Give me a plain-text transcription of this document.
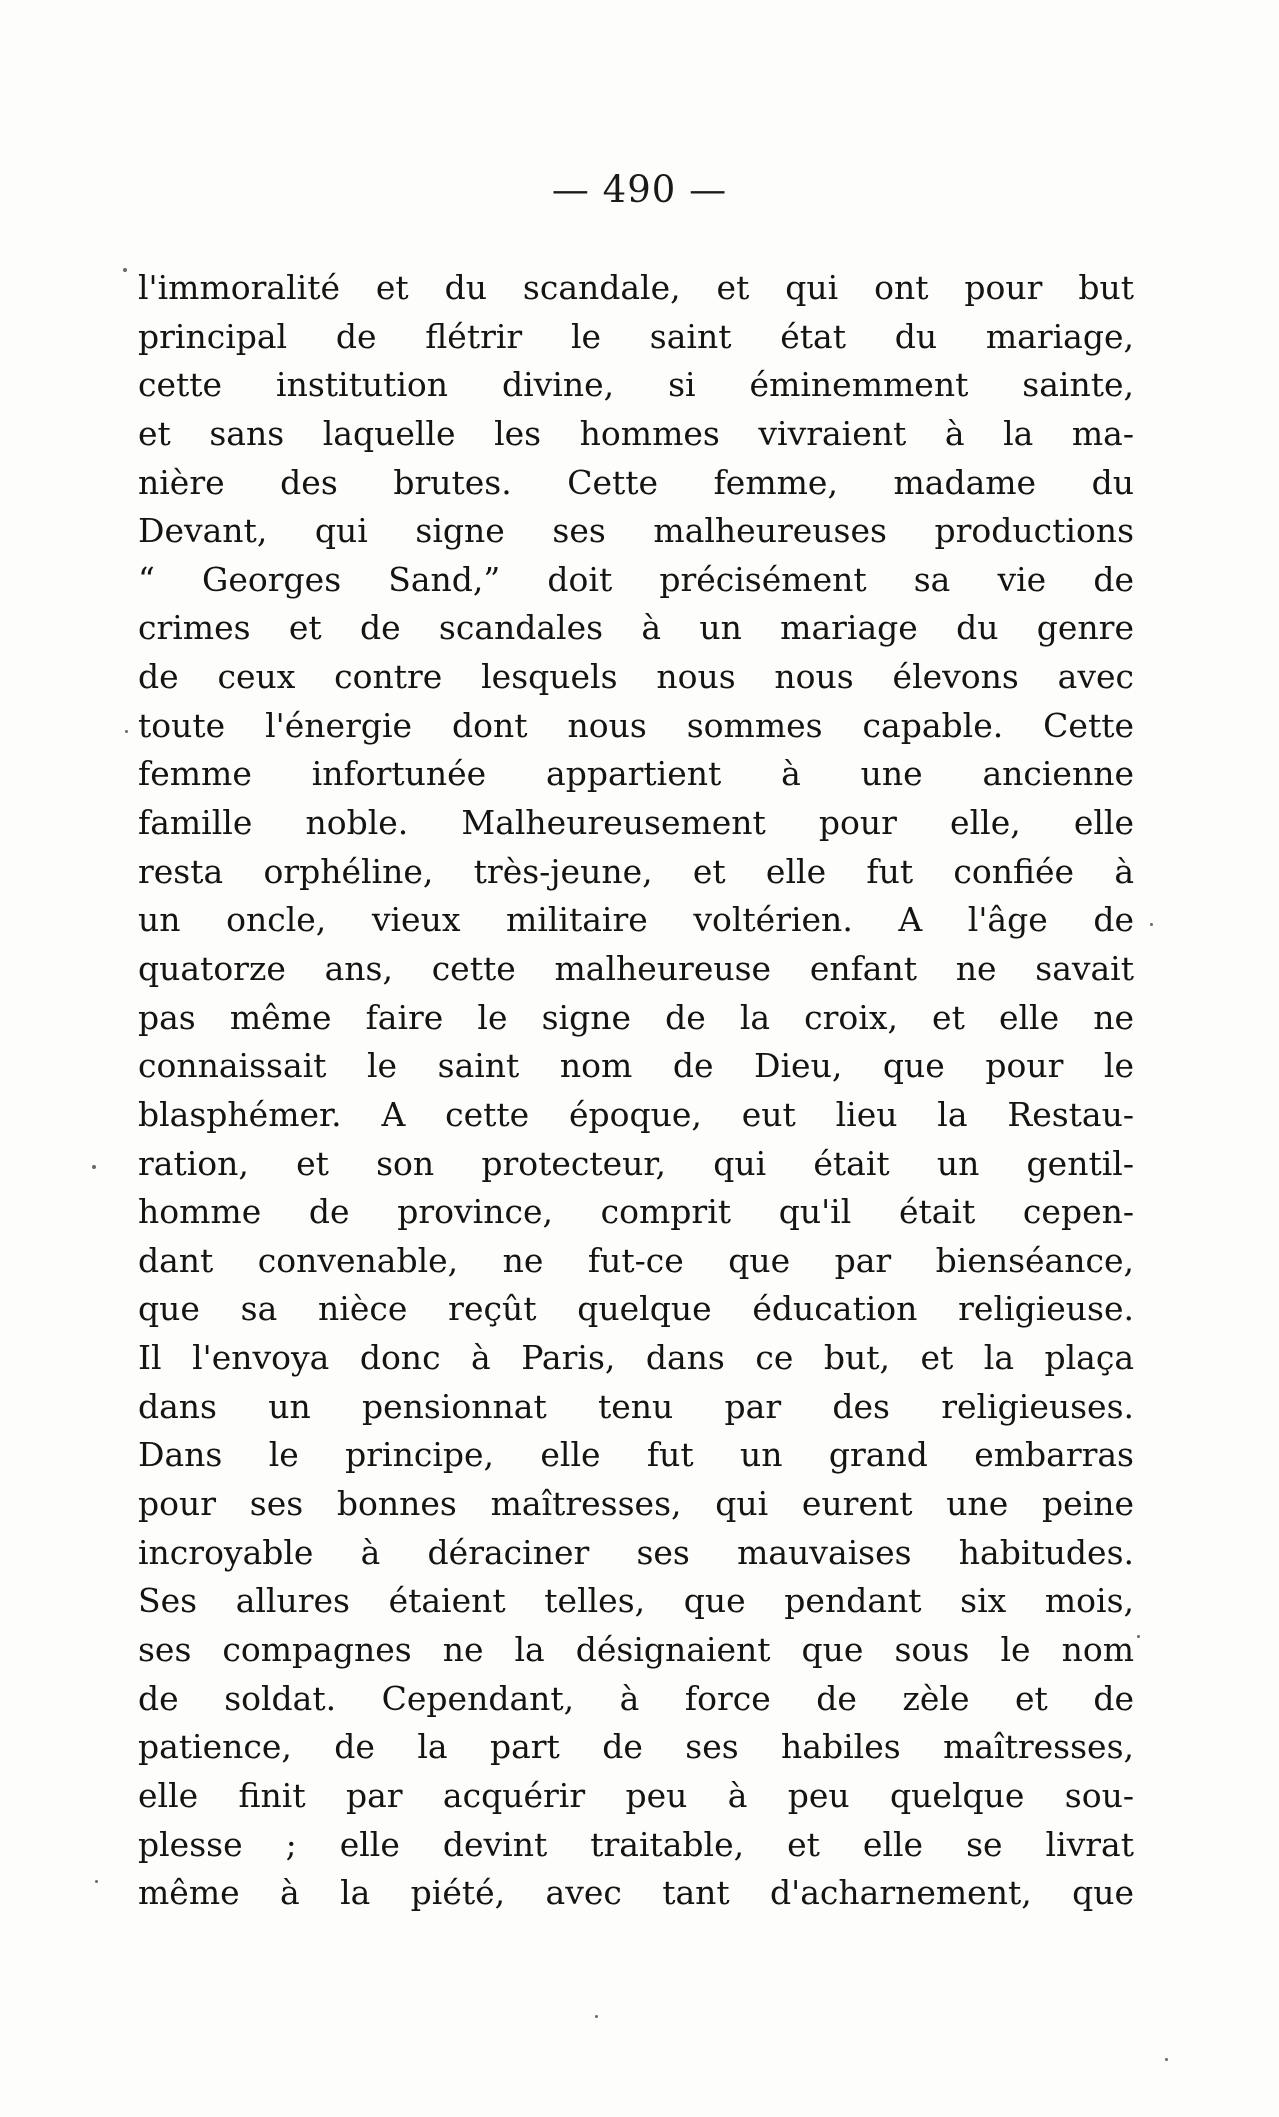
— 490 —
l'immoralité et du scandale, et qui ont pour but
principal de flétrir le saint état du mariage,
cette institution divine, si éminemment sainte,
et sans laquelle les hommes vivraient à la ma-
nière des brutes. Cette femme, madame du
Devant, qui signe ses malheureuses productions
“ Georges Sand,” doit précisément sa vie de
crimes et de scandales à un mariage du genre
de ceux contre lesquels nous nous élevons avec
toute l'énergie dont nous sommes capable. Cette
femme infortunée appartient à une ancienne
famille noble. Malheureusement pour elle, elle
resta orphéline, très-jeune, et elle fut confiée à
un oncle, vieux militaire voltérien. A l'âge de
quatorze ans, cette malheureuse enfant ne savait
pas même faire le signe de la croix, et elle ne
connaissait le saint nom de Dieu, que pour le
blasphémer. A cette époque, eut lieu la Restau-
ration, et son protecteur, qui était un gentil-
homme de province, comprit qu'il était cepen-
dant convenable, ne fut-ce que par bienséance,
que sa nièce reçût quelque éducation religieuse.
Il l'envoya donc à Paris, dans ce but, et la plaça
dans un pensionnat tenu par des religieuses.
Dans le principe, elle fut un grand embarras
pour ses bonnes maîtresses, qui eurent une peine
incroyable à déraciner ses mauvaises habitudes.
Ses allures étaient telles, que pendant six mois,
ses compagnes ne la désignaient que sous le nom
de soldat. Cependant, à force de zèle et de
patience, de la part de ses habiles maîtresses,
elle finit par acquérir peu à peu quelque sou-
plesse ; elle devint traitable, et elle se livrat
même à la piété, avec tant d'acharnement, que
